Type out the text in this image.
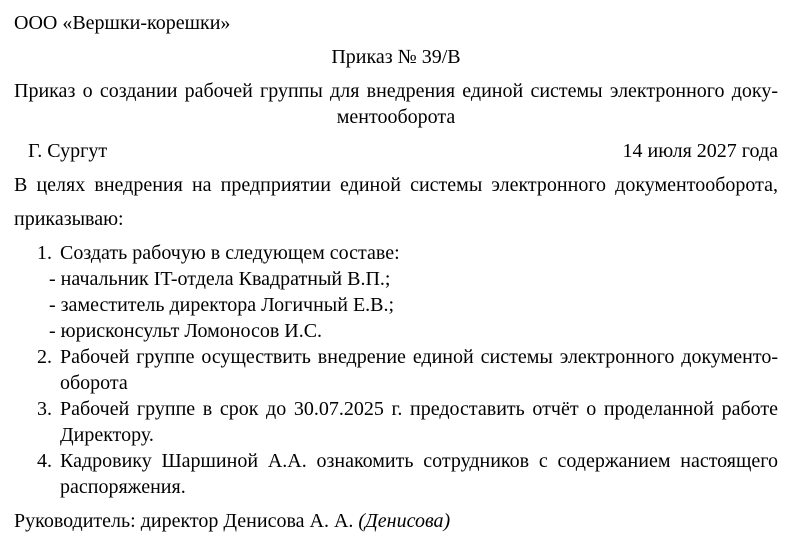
ООО «Вершки-корешки»

Приказ № 39/В

Приказ о создании рабочей группы для внедрения единой системы электронного доку-
ментооборота
Г. Сургут	14 июля 2027 года

В целях внедрения на предприятии единой системы электронного документооборота,

приказываю:

1. Создать рабочую в следующем составе:
- начальник IT-отдела Квадратный В.П.;
- заместитель директора Логичный Е.В.;
- юрисконсульт Ломоносов И.С.
2. Рабочей группе осуществить внедрение единой системы электронного документо-
оборота
3. Рабочей группе в срок до 30.07.2025 г. предоставить отчёт о проделанной работе
Директору.
4. Кадровику Шаршиной А.А. ознакомить сотрудников с содержанием настоящего
распоряжения.

Руководитель: директор Денисова А. А. (Денисова)
